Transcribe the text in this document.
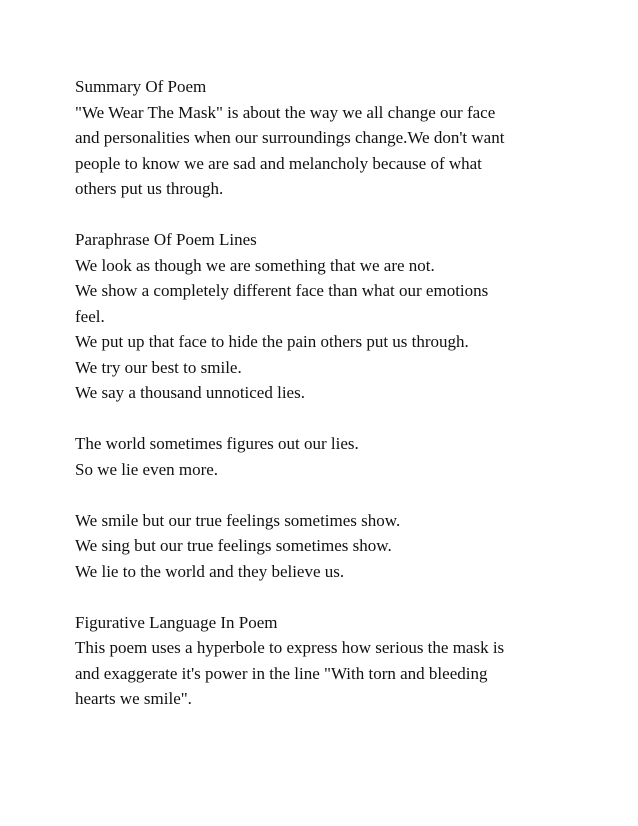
Summary Of Poem
"We Wear The Mask" is about the way we all change our face
and personalities when our surroundings change.We don't want
people to know we are sad and melancholy because of what
others put us through.
Paraphrase Of Poem Lines
We look as though we are something that we are not.
We show a completely different face than what our emotions
feel.
We put up that face to hide the pain others put us through.
We try our best to smile.
We say a thousand unnoticed lies.
The world sometimes figures out our lies.
So we lie even more.
We smile but our true feelings sometimes show.
We sing but our true feelings sometimes show.
We lie to the world and they believe us.
Figurative Language In Poem
This poem uses a hyperbole to express how serious the mask is
and exaggerate it's power in the line "With torn and bleeding
hearts we smile".
